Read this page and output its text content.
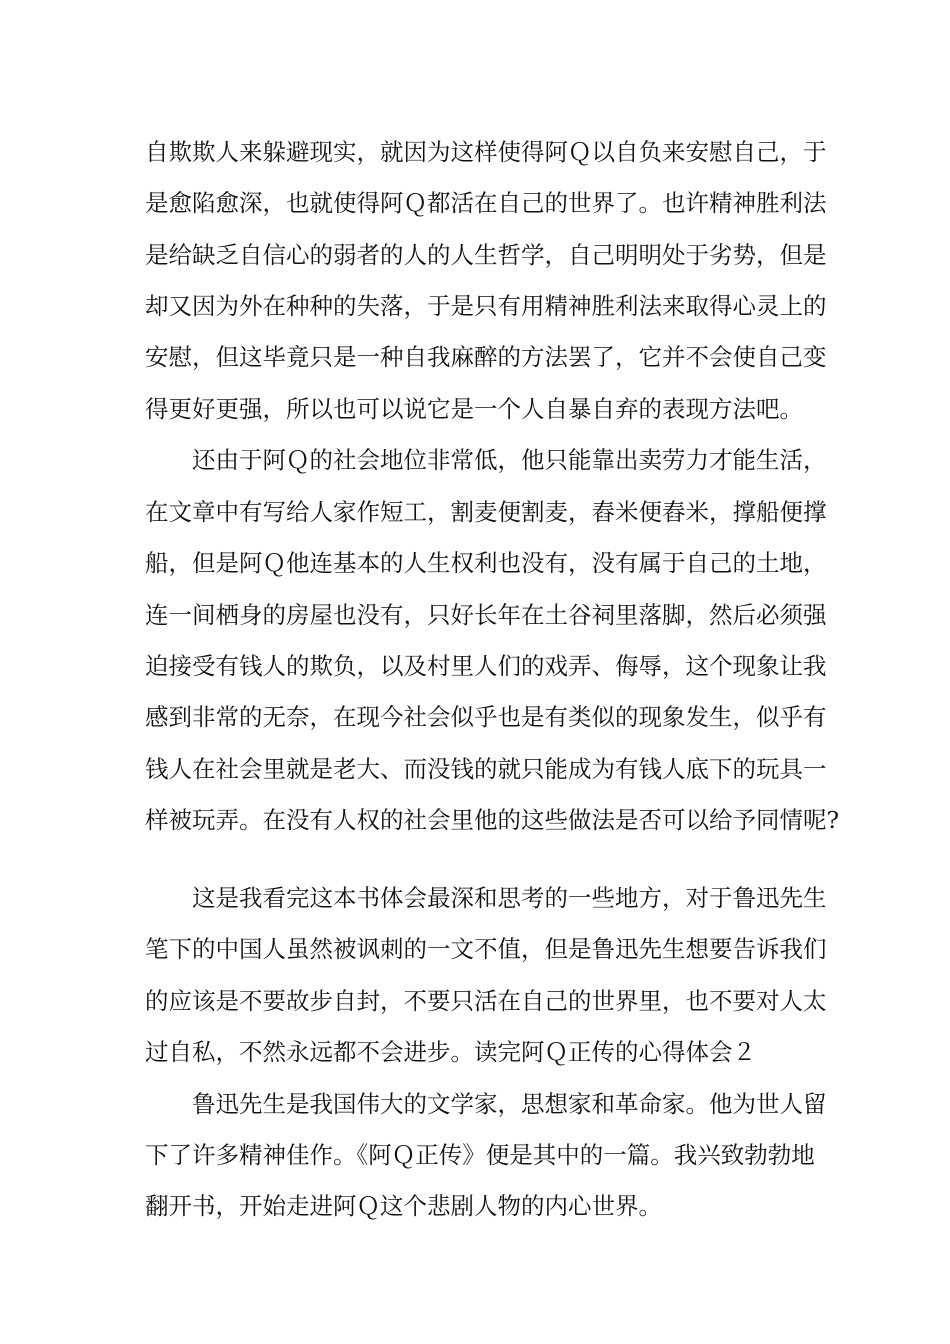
自欺欺人来躲避现实，就因为这样使得阿Ｑ以自负来安慰自己，于
是愈陷愈深，也就使得阿Ｑ都活在自己的世界了。也许精神胜利法
是给缺乏自信心的弱者的人的人生哲学，自己明明处于劣势，但是
却又因为外在种种的失落，于是只有用精神胜利法来取得心灵上的
安慰，但这毕竟只是一种自我麻醉的方法罢了，它并不会使自己变
得更好更强，所以也可以说它是一个人自暴自弃的表现方法吧。
还由于阿Ｑ的社会地位非常低，他只能靠出卖劳力才能生活，
在文章中有写给人家作短工，割麦便割麦，舂米便舂米，撑船便撑
船，但是阿Ｑ他连基本的人生权利也没有，没有属于自己的土地，
连一间栖身的房屋也没有，只好长年在土谷祠里落脚，然后必须强
迫接受有钱人的欺负，以及村里人们的戏弄、侮辱，这个现象让我
感到非常的无奈，在现今社会似乎也是有类似的现象发生，似乎有
钱人在社会里就是老大、而没钱的就只能成为有钱人底下的玩具一
样被玩弄。在没有人权的社会里他的这些做法是否可以给予同情呢?
这是我看完这本书体会最深和思考的一些地方，对于鲁迅先生
笔下的中国人虽然被讽刺的一文不值，但是鲁迅先生想要告诉我们
的应该是不要故步自封，不要只活在自己的世界里，也不要对人太
过自私，不然永远都不会进步。读完阿Ｑ正传的心得体会２
鲁迅先生是我国伟大的文学家，思想家和革命家。他为世人留
下了许多精神佳作。《阿Ｑ正传》便是其中的一篇。我兴致勃勃地
翻开书，开始走进阿Ｑ这个悲剧人物的内心世界。
